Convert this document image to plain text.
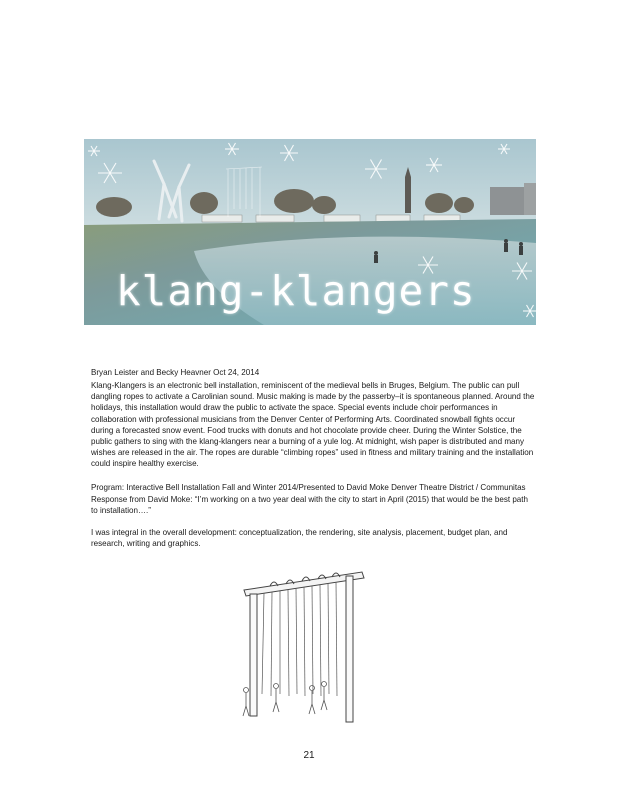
klang-klangers

Bryan Leister and Becky Heavner Oct 24, 2014

Klang-Klangers is an electronic bell installation, reminiscent of the medieval bells in Bruges, Belgium. The public can pull dangling ropes to activate a Carolinian sound. Music making is made by the passerby–it is spontaneous planned. Around the holidays, this installation would draw the public to activate the space. Special events include choir performances in collaboration with professional musicians from the Denver Center of Performing Arts. Coordinated snowball fights occur during a forecasted snow event. Food trucks with donuts and hot chocolate provide cheer. During the Winter Solstice, the public gathers to sing with the klang-klangers near a burning of a yule log. At midnight, wish paper is distributed and many wishes are released in the air. The ropes are durable “climbing ropes” used in fitness and military training and the installation could inspire healthy exercise.

Program: Interactive Bell Installation Fall and Winter 2014/Presented to David Moke Denver Theatre District / Communitas

Response from David Moke: “I’m working on a two year deal with the city to start in April (2015) that would be the best path to installation….”

I was integral in the overall development: conceptualization, the rendering, site analysis, placement, budget plan, and research, writing and graphics.

21
